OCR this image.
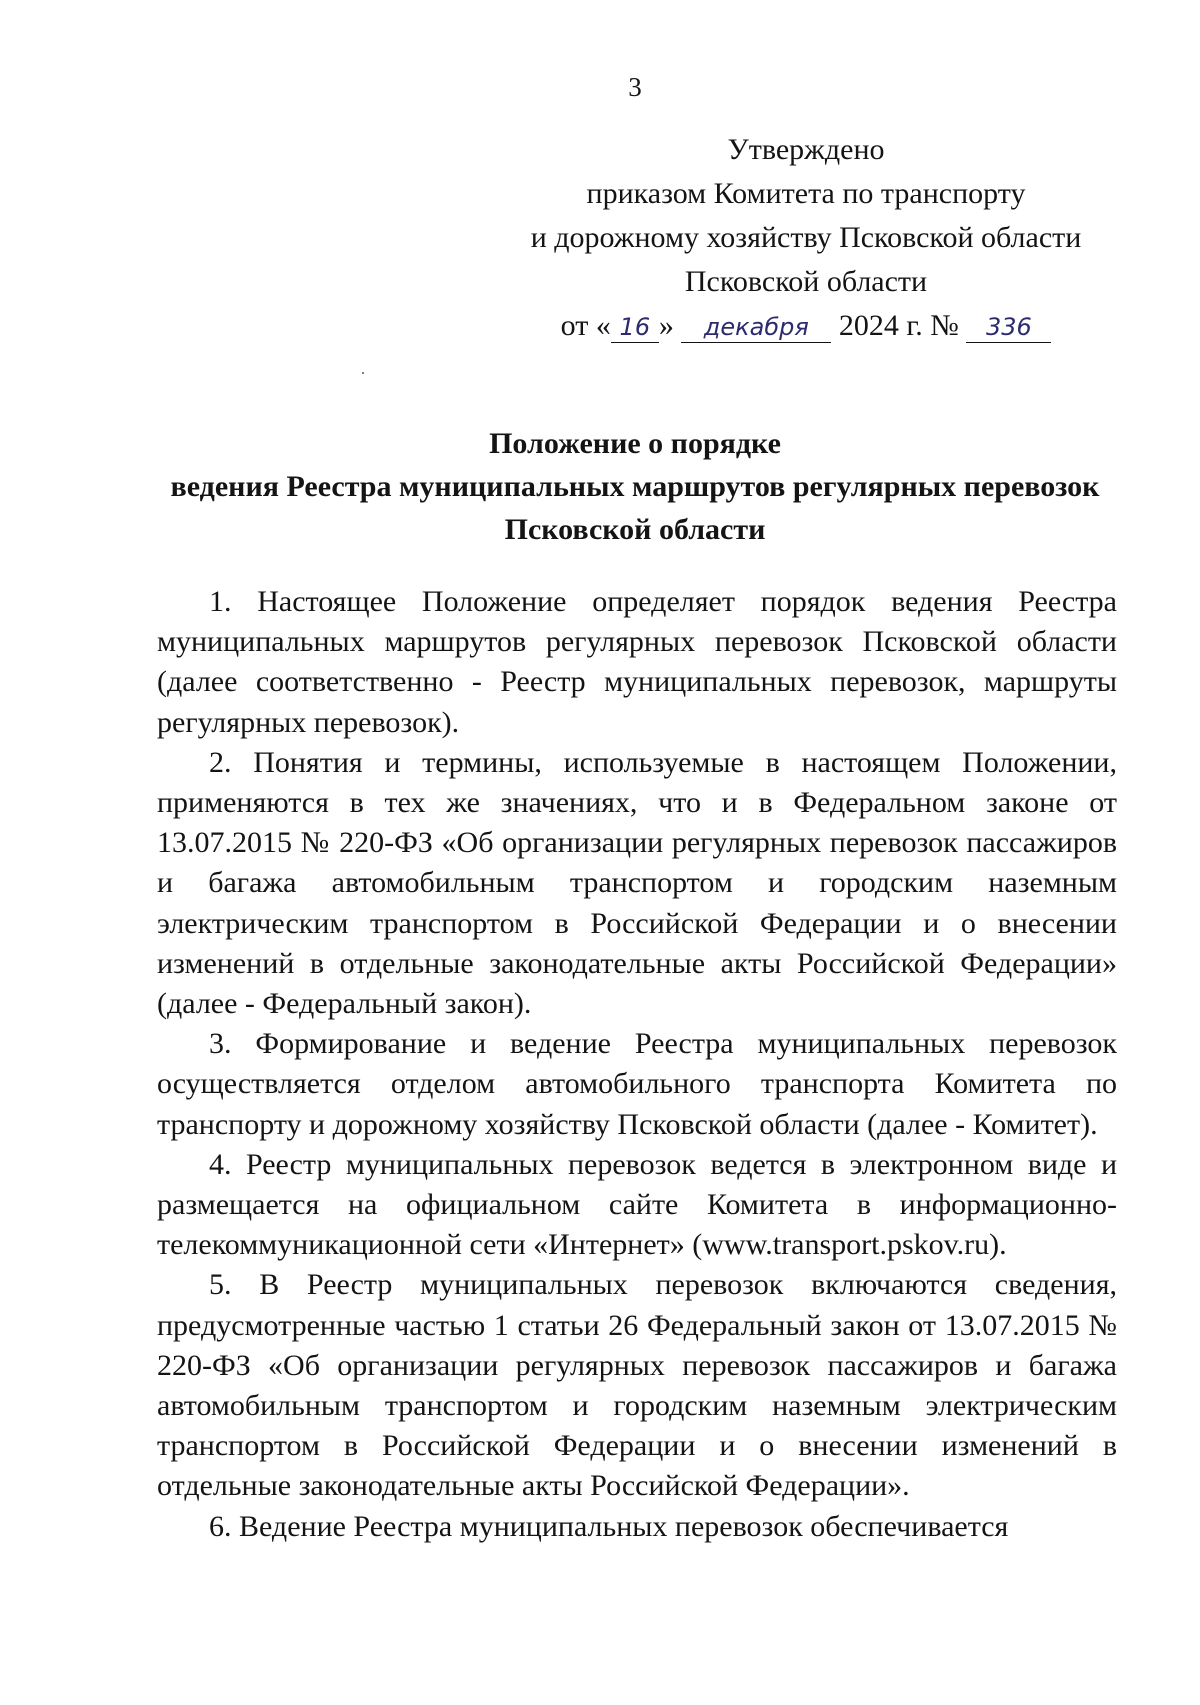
3
Утверждено
приказом Комитета по транспорту
и дорожному хозяйству Псковской области
Псковской области
от « 16 » декабря 2024 г. № 336
Положение о порядке
ведения Реестра муниципальных маршрутов регулярных перевозок
Псковской области

1. Настоящее Положение определяет порядок ведения Реестра муниципальных маршрутов регулярных перевозок Псковской области (далее соответственно - Реестр муниципальных перевозок, маршруты регулярных перевозок).

2. Понятия и термины, используемые в настоящем Положении, применяются в тех же значениях, что и в Федеральном законе от 13.07.2015 № 220-ФЗ «Об организации регулярных перевозок пассажиров и багажа автомобильным транспортом и городским наземным электрическим транспортом в Российской Федерации и о внесении изменений в отдельные законодательные акты Российской Федерации» (далее - Федеральный закон).

3. Формирование и ведение Реестра муниципальных перевозок осуществляется отделом автомобильного транспорта Комитета по транспорту и дорожному хозяйству Псковской области (далее - Комитет).

4. Реестр муниципальных перевозок ведется в электронном виде и размещается на официальном сайте Комитета в информационно-телекоммуникационной сети «Интернет» (www.transport.pskov.ru).

5. В Реестр муниципальных перевозок включаются сведения, предусмотренные частью 1 статьи 26 Федеральный закон от 13.07.2015 № 220-ФЗ «Об организации регулярных перевозок пассажиров и багажа автомобильным транспортом и городским наземным электрическим транспортом в Российской Федерации и о внесении изменений в отдельные законодательные акты Российской Федерации».

6. Ведение Реестра муниципальных перевозок обеспечивается
